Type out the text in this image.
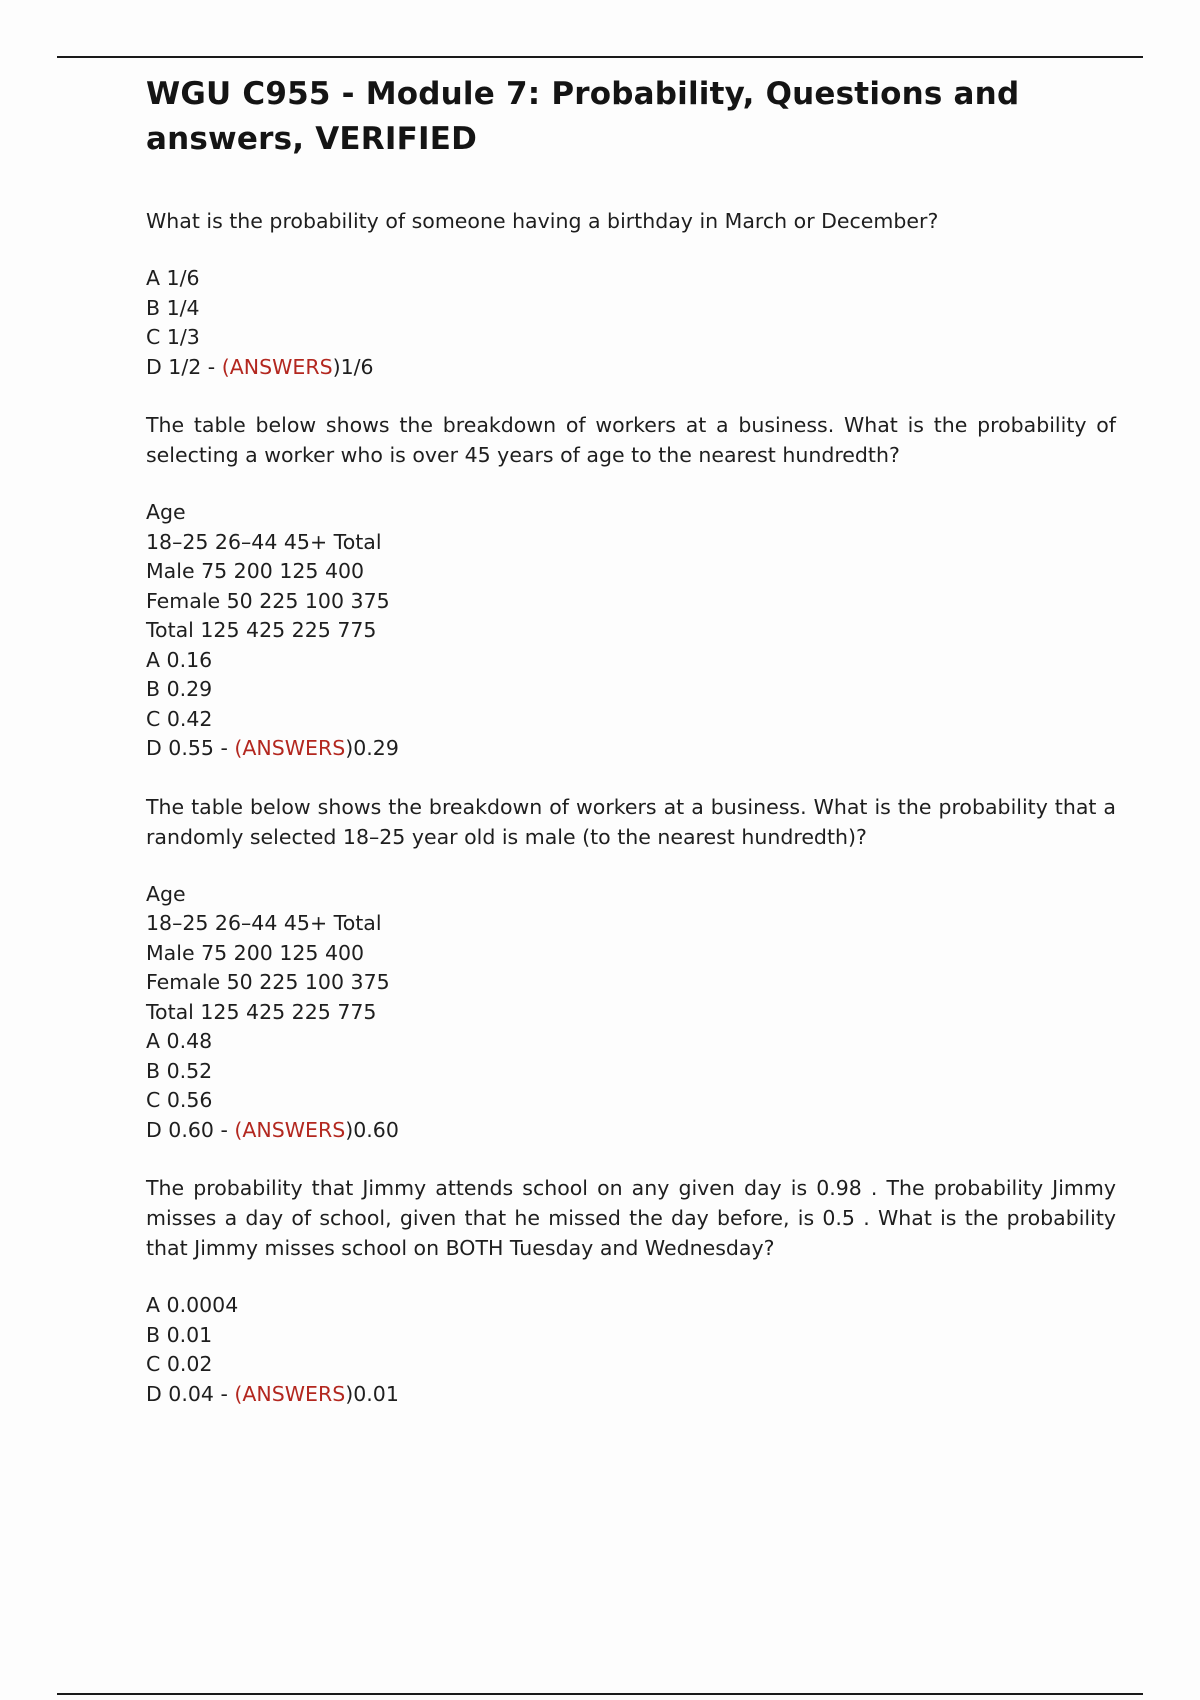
WGU C955 - Module 7: Probability, Questions and answers, VERIFIED

What is the probability of someone having a birthday in March or December?

A 1/6
B 1/4
C 1/3
D 1/2 - (ANSWERS)1/6

The table below shows the breakdown of workers at a business. What is the probability of selecting a worker who is over 45 years of age to the nearest hundredth?

Age
18–25 26–44 45+ Total
Male 75 200 125 400
Female 50 225 100 375
Total 125 425 225 775
A 0.16
B 0.29
C 0.42
D 0.55 - (ANSWERS)0.29

The table below shows the breakdown of workers at a business. What is the probability that a randomly selected 18–25 year old is male (to the nearest hundredth)?

Age
18–25 26–44 45+ Total
Male 75 200 125 400
Female 50 225 100 375
Total 125 425 225 775
A 0.48
B 0.52
C 0.56
D 0.60 - (ANSWERS)0.60

The probability that Jimmy attends school on any given day is 0.98 . The probability Jimmy misses a day of school, given that he missed the day before, is 0.5 . What is the probability that Jimmy misses school on BOTH Tuesday and Wednesday?

A 0.0004
B 0.01
C 0.02
D 0.04 - (ANSWERS)0.01
